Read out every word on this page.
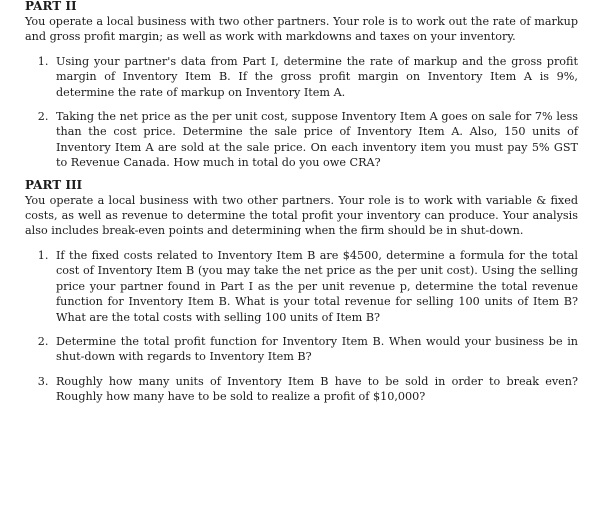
PART II

You operate a local business with two other partners. Your role is to work out the rate of markup and gross profit margin; as well as work with markdowns and taxes on your inventory.

1. Using your partner's data from Part I, determine the rate of markup and the gross profit margin of Inventory Item B. If the gross profit margin on Inventory Item A is 9%, determine the rate of markup on Inventory Item A.
2. Taking the net price as the per unit cost, suppose Inventory Item A goes on sale for 7% less than the cost price. Determine the sale price of Inventory Item A. Also, 150 units of Inventory Item A are sold at the sale price. On each inventory item you must pay 5% GST to Revenue Canada. How much in total do you owe CRA?
PART III

You operate a local business with two other partners. Your role is to work with variable & fixed costs, as well as revenue to determine the total profit your inventory can produce. Your analysis also includes break-even points and determining when the firm should be in shut-down.

1. If the fixed costs related to Inventory Item B are $4500, determine a formula for the total cost of Inventory Item B (you may take the net price as the per unit cost). Using the selling price your partner found in Part I as the per unit revenue p, determine the total revenue function for Inventory Item B. What is your total revenue for selling 100 units of Item B? What are the total costs with selling 100 units of Item B?
2. Determine the total profit function for Inventory Item B. When would your business be in shut-down with regards to Inventory Item B?
3. Roughly how many units of Inventory Item B have to be sold in order to break even? Roughly how many have to be sold to realize a profit of $10,000?
